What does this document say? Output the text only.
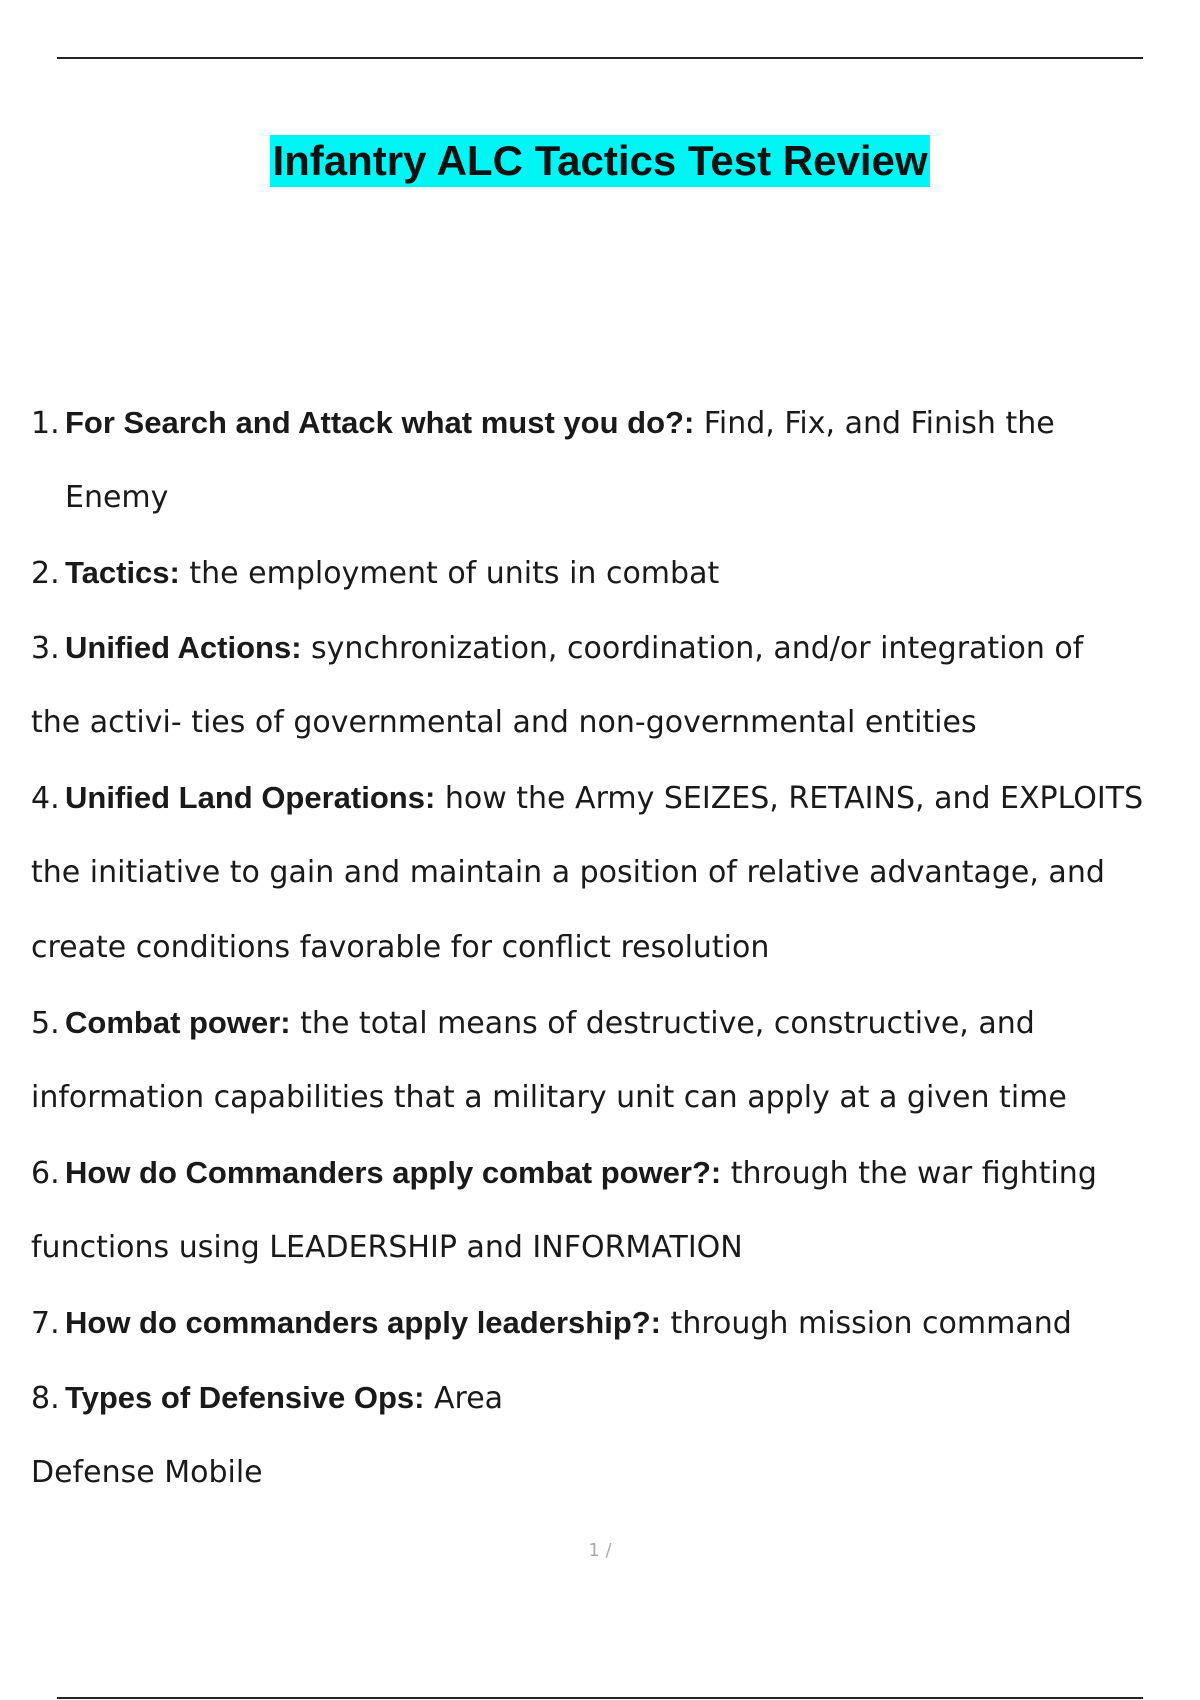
Infantry ALC Tactics Test Review
1. For Search and Attack what must you do?: Find, Fix, and Finish the
Enemy
2. Tactics: the employment of units in combat
3. Unified Actions: synchronization, coordination, and/or integration of
the activi- ties of governmental and non-governmental entities
4. Unified Land Operations: how the Army SEIZES, RETAINS, and EXPLOITS
the initiative to gain and maintain a position of relative advantage, and
create conditions favorable for conflict resolution
5. Combat power: the total means of destructive, constructive, and
information capabilities that a military unit can apply at a given time
6. How do Commanders apply combat power?: through the war fighting
functions using LEADERSHIP and INFORMATION
7. How do commanders apply leadership?: through mission command
8. Types of Defensive Ops: Area
Defense Mobile
1 /
